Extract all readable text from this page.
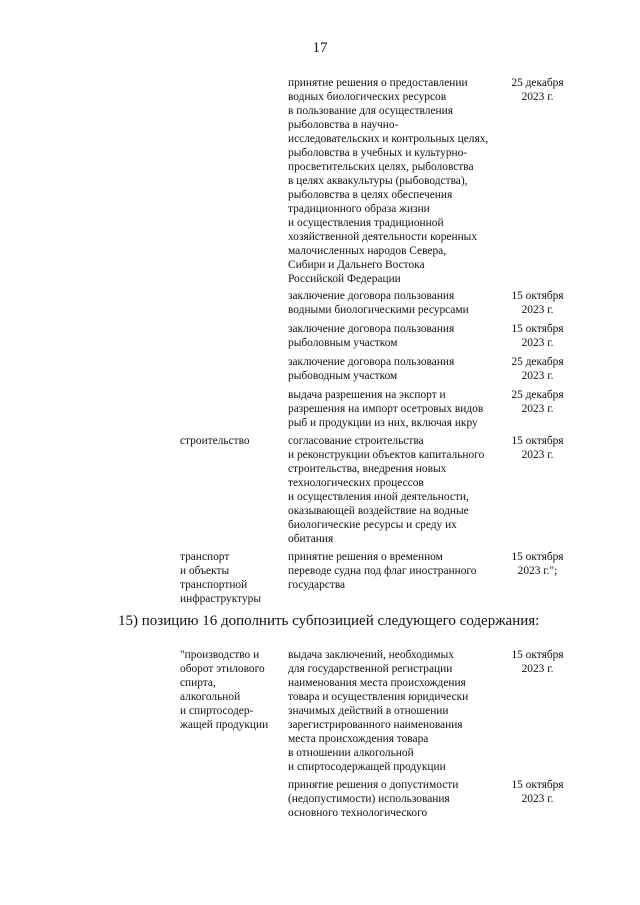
17
принятие решения о предоставлении
водных биологических ресурсов
в пользование для осуществления
рыболовства в научно-
исследовательских и контрольных целях,
рыболовства в учебных и культурно-
просветительских целях, рыболовства
в целях аквакультуры (рыбоводства),
рыболовства в целях обеспечения
традиционного образа жизни
и осуществления традиционной
хозяйственной деятельности коренных
малочисленных народов Севера,
Сибири и Дальнего Востока
Российской Федерации
25 декабря
2023 г.
заключение договора пользования
водными биологическими ресурсами
15 октября
2023 г.
заключение договора пользования
рыболовным участком
15 октября
2023 г.
заключение договора пользования
рыбоводным участком
25 декабря
2023 г.
выдача разрешения на экспорт и
разрешения на импорт осетровых видов
рыб и продукции из них, включая икру
25 декабря
2023 г.
строительство	согласование строительства
и реконструкции объектов капитального
строительства, внедрения новых
технологических процессов
и осуществления иной деятельности,
оказывающей воздействие на водные
биологические ресурсы и среду их
обитания
15 октября
2023 г.
транспорт
и объекты
транспортной
инфраструктуры
принятие решения о временном
переводе судна под флаг иностранного
государства
15 октября
2023 г.";
15) позицию 16 дополнить субпозицией следующего содержания:
"производство и
оборот этилового
спирта,
алкогольной
и спиртосодер-
жащей продукции
выдача заключений, необходимых
для государственной регистрации
наименования места происхождения
товара и осуществления юридически
значимых действий в отношении
зарегистрированного наименования
места происхождения товара
в отношении алкогольной
и спиртосодержащей продукции
15 октября
2023 г.
принятие решения о допустимости
(недопустимости) использования
основного технологического
15 октября
2023 г.
